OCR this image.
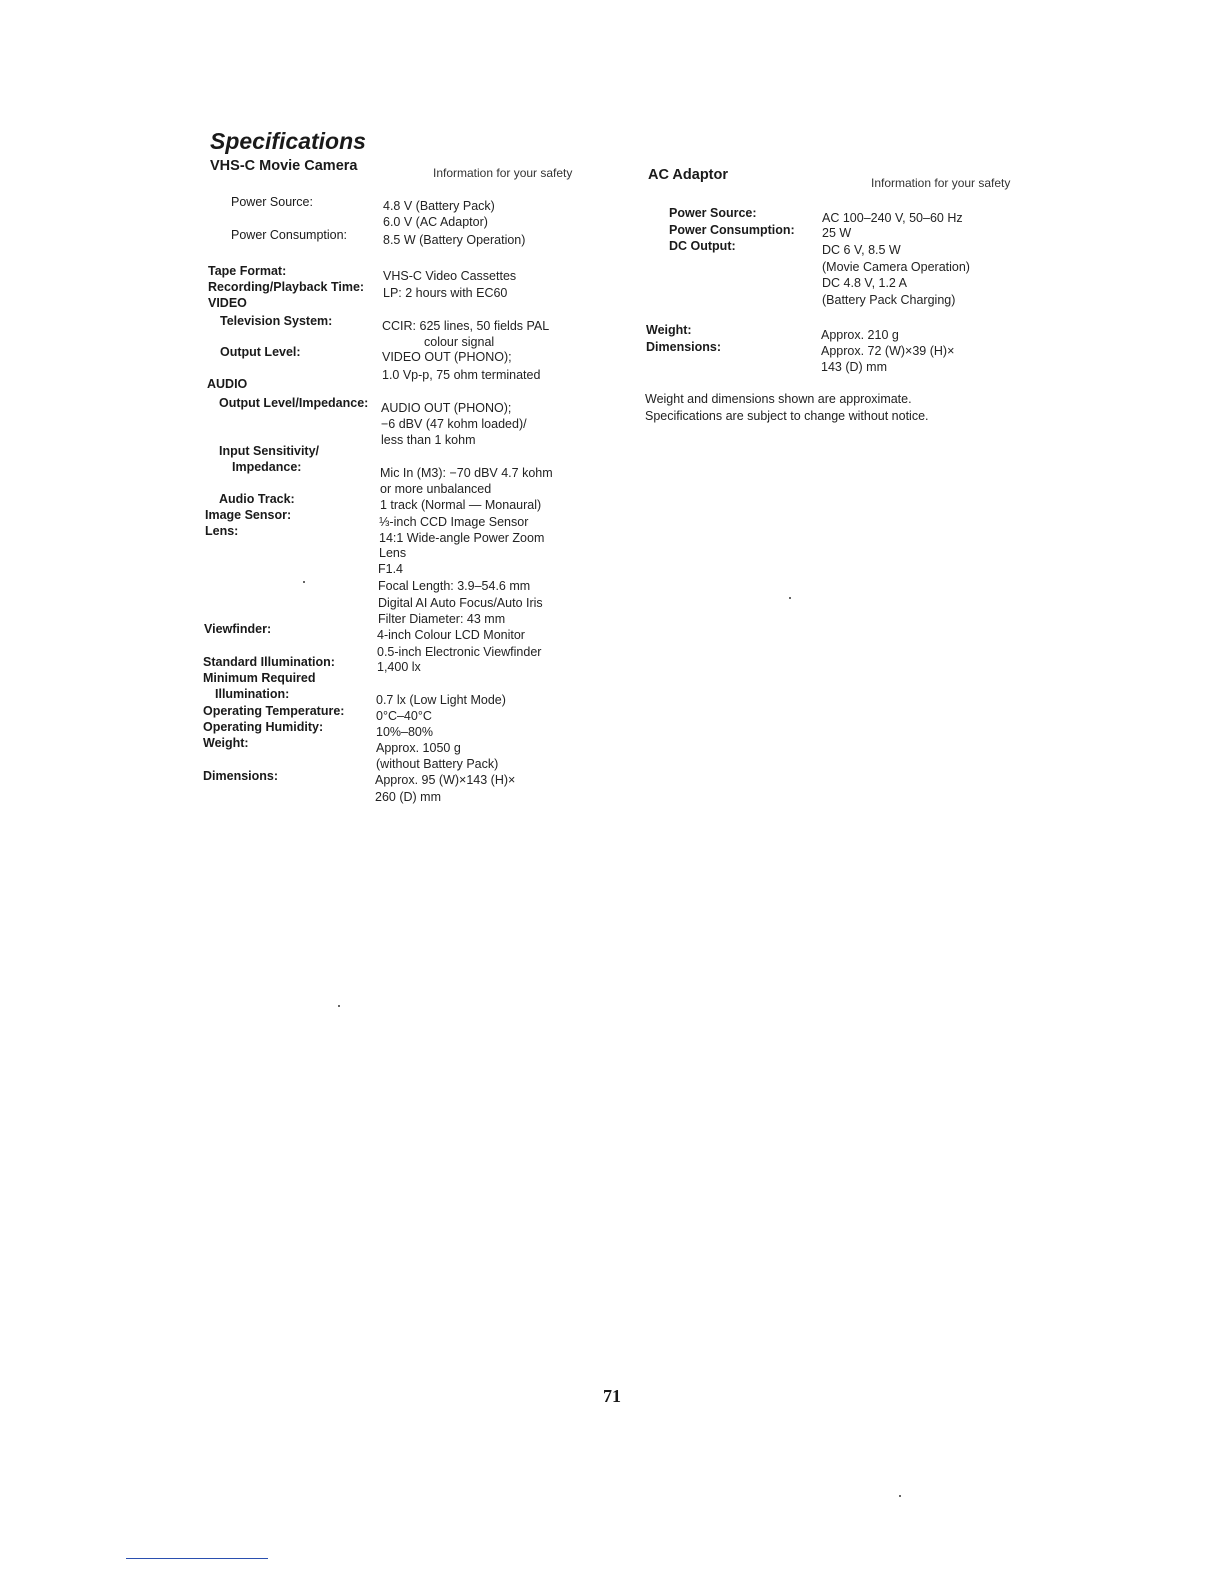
Specifications
VHS-C Movie Camera	Information for your safety
Power Source:
Power Consumption:
Tape Format:
Recording/Playback Time:
VIDEO
Television System:
Output Level:
AUDIO
Output Level/Impedance:
Input Sensitivity/
Impedance:
Audio Track:
Image Sensor:
Lens:
Viewfinder:
Standard Illumination:
Minimum Required
Illumination:
Operating Temperature:
Operating Humidity:
Weight:
Dimensions:
4.8 V (Battery Pack)
6.0 V (AC Adaptor)
8.5 W (Battery Operation)
VHS-C Video Cassettes
LP: 2 hours with EC60
CCIR: 625 lines, 50 fields PAL
colour signal
VIDEO OUT (PHONO);
1.0 Vp-p, 75 ohm terminated
AUDIO OUT (PHONO);
−6 dBV (47 kohm loaded)/
less than 1 kohm
Mic In (M3): −70 dBV 4.7 kohm
or more unbalanced
1 track (Normal — Monaural)
⅓-inch CCD Image Sensor
14:1 Wide-angle Power Zoom
Lens
F1.4
Focal Length: 3.9–54.6 mm
Digital AI Auto Focus/Auto Iris
Filter Diameter: 43 mm
4-inch Colour LCD Monitor
0.5-inch Electronic Viewfinder
1,400 lx
0.7 lx (Low Light Mode)
0°C–40°C
10%–80%
Approx. 1050 g
(without Battery Pack)
Approx. 95 (W)×143 (H)×
260 (D) mm
AC Adaptor	Information for your safety
Power Source:
Power Consumption:
DC Output:
Weight:
Dimensions:
AC 100–240 V, 50–60 Hz
25 W
DC 6 V, 8.5 W
(Movie Camera Operation)
DC 4.8 V, 1.2 A
(Battery Pack Charging)
Approx. 210 g
Approx. 72 (W)×39 (H)×
143 (D) mm
Weight and dimensions shown are approximate.
Specifications are subject to change without notice.
71
